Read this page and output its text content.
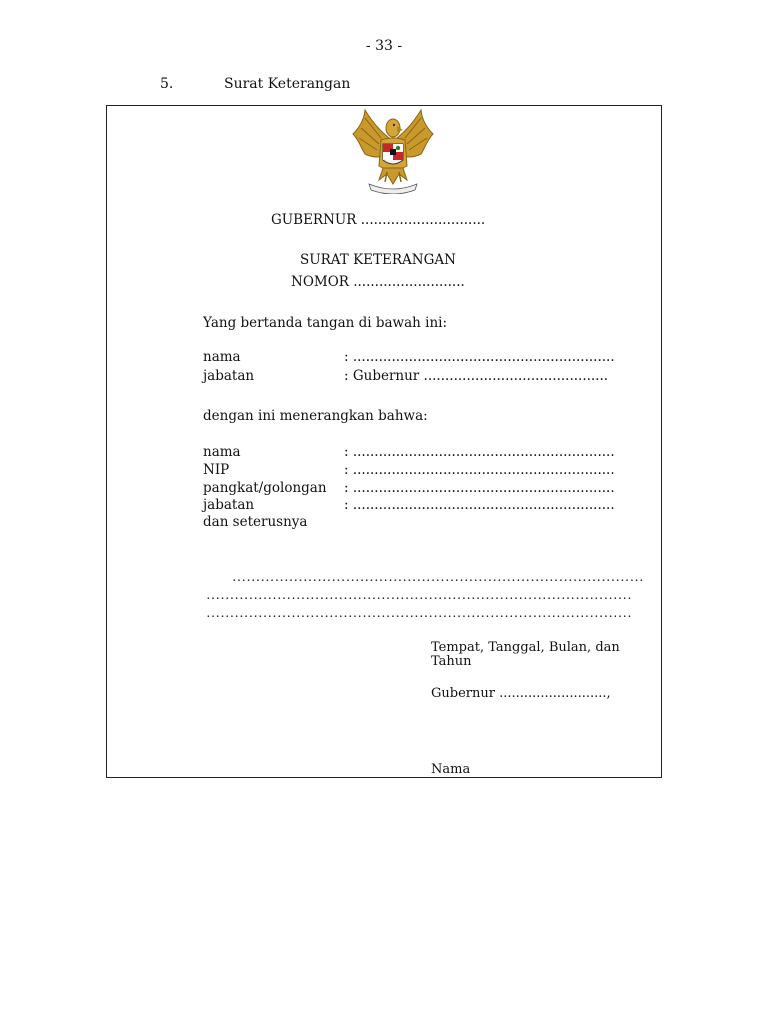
- 33 -
5.	Surat Keterangan
GUBERNUR .............................
SURAT KETERANGAN
NOMOR ..........................
Yang bertanda tangan di bawah ini:
nama	: .............................................................
jabatan	: Gubernur ...........................................
dengan ini menerangkan bahwa:
nama	: .............................................................
NIP	: .............................................................
pangkat/golongan : .............................................................
jabatan	: .............................................................
dan seterusnya
……………………………………………………………………………
………………………………………………………………………………
………………………………………………………………………………
Tempat, Tanggal, Bulan, dan
Tahun
Gubernur ..........................,
Nama
